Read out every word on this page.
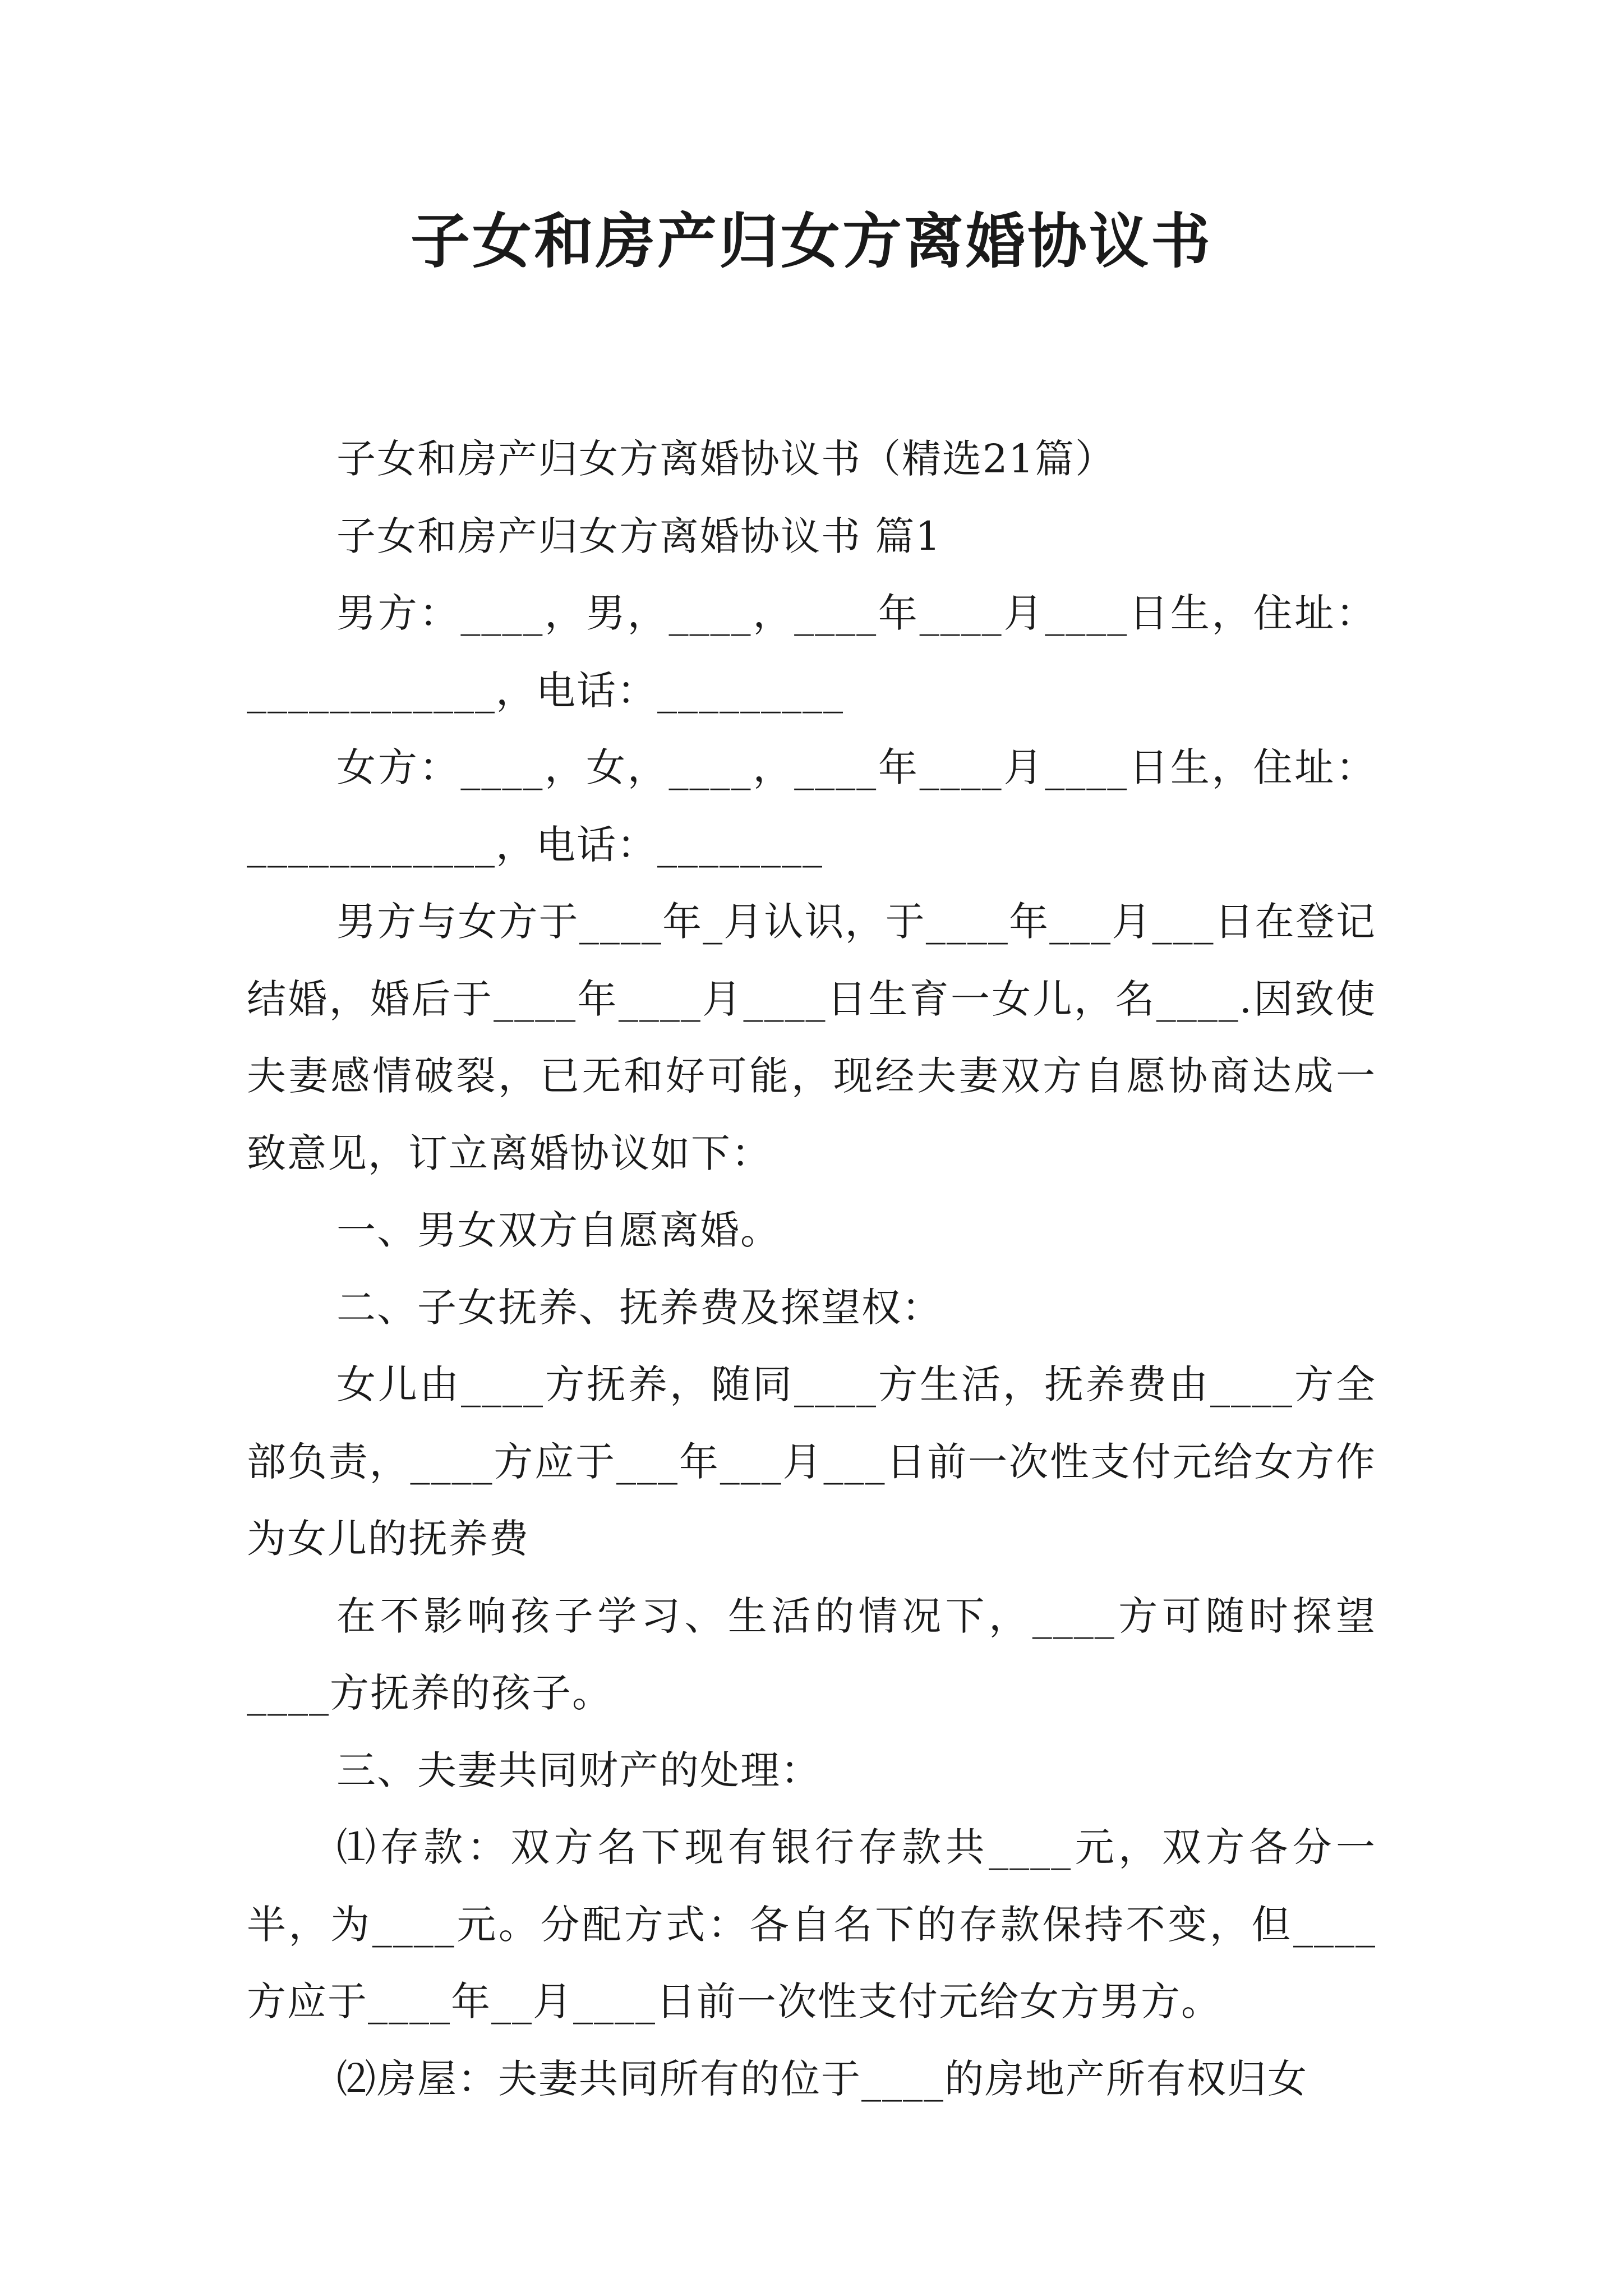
子女和房产归女方离婚协议书

子女和房产归女方离婚协议书（精选21篇）

子女和房产归女方离婚协议书 篇1

男方：____，男，____，____年____月____日生，住址：____________，电话：_________

女方：____，女，____，____年____月____日生，住址：____________，电话：________

男方与女方于____年_月认识，于____年___月___日在登记结婚，婚后于____年____月____日生育一女儿，名____.因致使夫妻感情破裂，已无和好可能，现经夫妻双方自愿协商达成一致意见，订立离婚协议如下：

一、男女双方自愿离婚。

二、子女抚养、抚养费及探望权：

女儿由____方抚养，随同____方生活，抚养费由____方全部负责，____方应于___年___月___日前一次性支付元给女方作为女儿的抚养费

在不影响孩子学习、生活的情况下，____方可随时探望____方抚养的孩子。

三、夫妻共同财产的处理：

⑴存款：双方名下现有银行存款共____元，双方各分一半，为____元。分配方式：各自名下的存款保持不变，但____方应于____年__月____日前一次性支付元给女方男方。

⑵房屋：夫妻共同所有的位于____的房地产所有权归女
